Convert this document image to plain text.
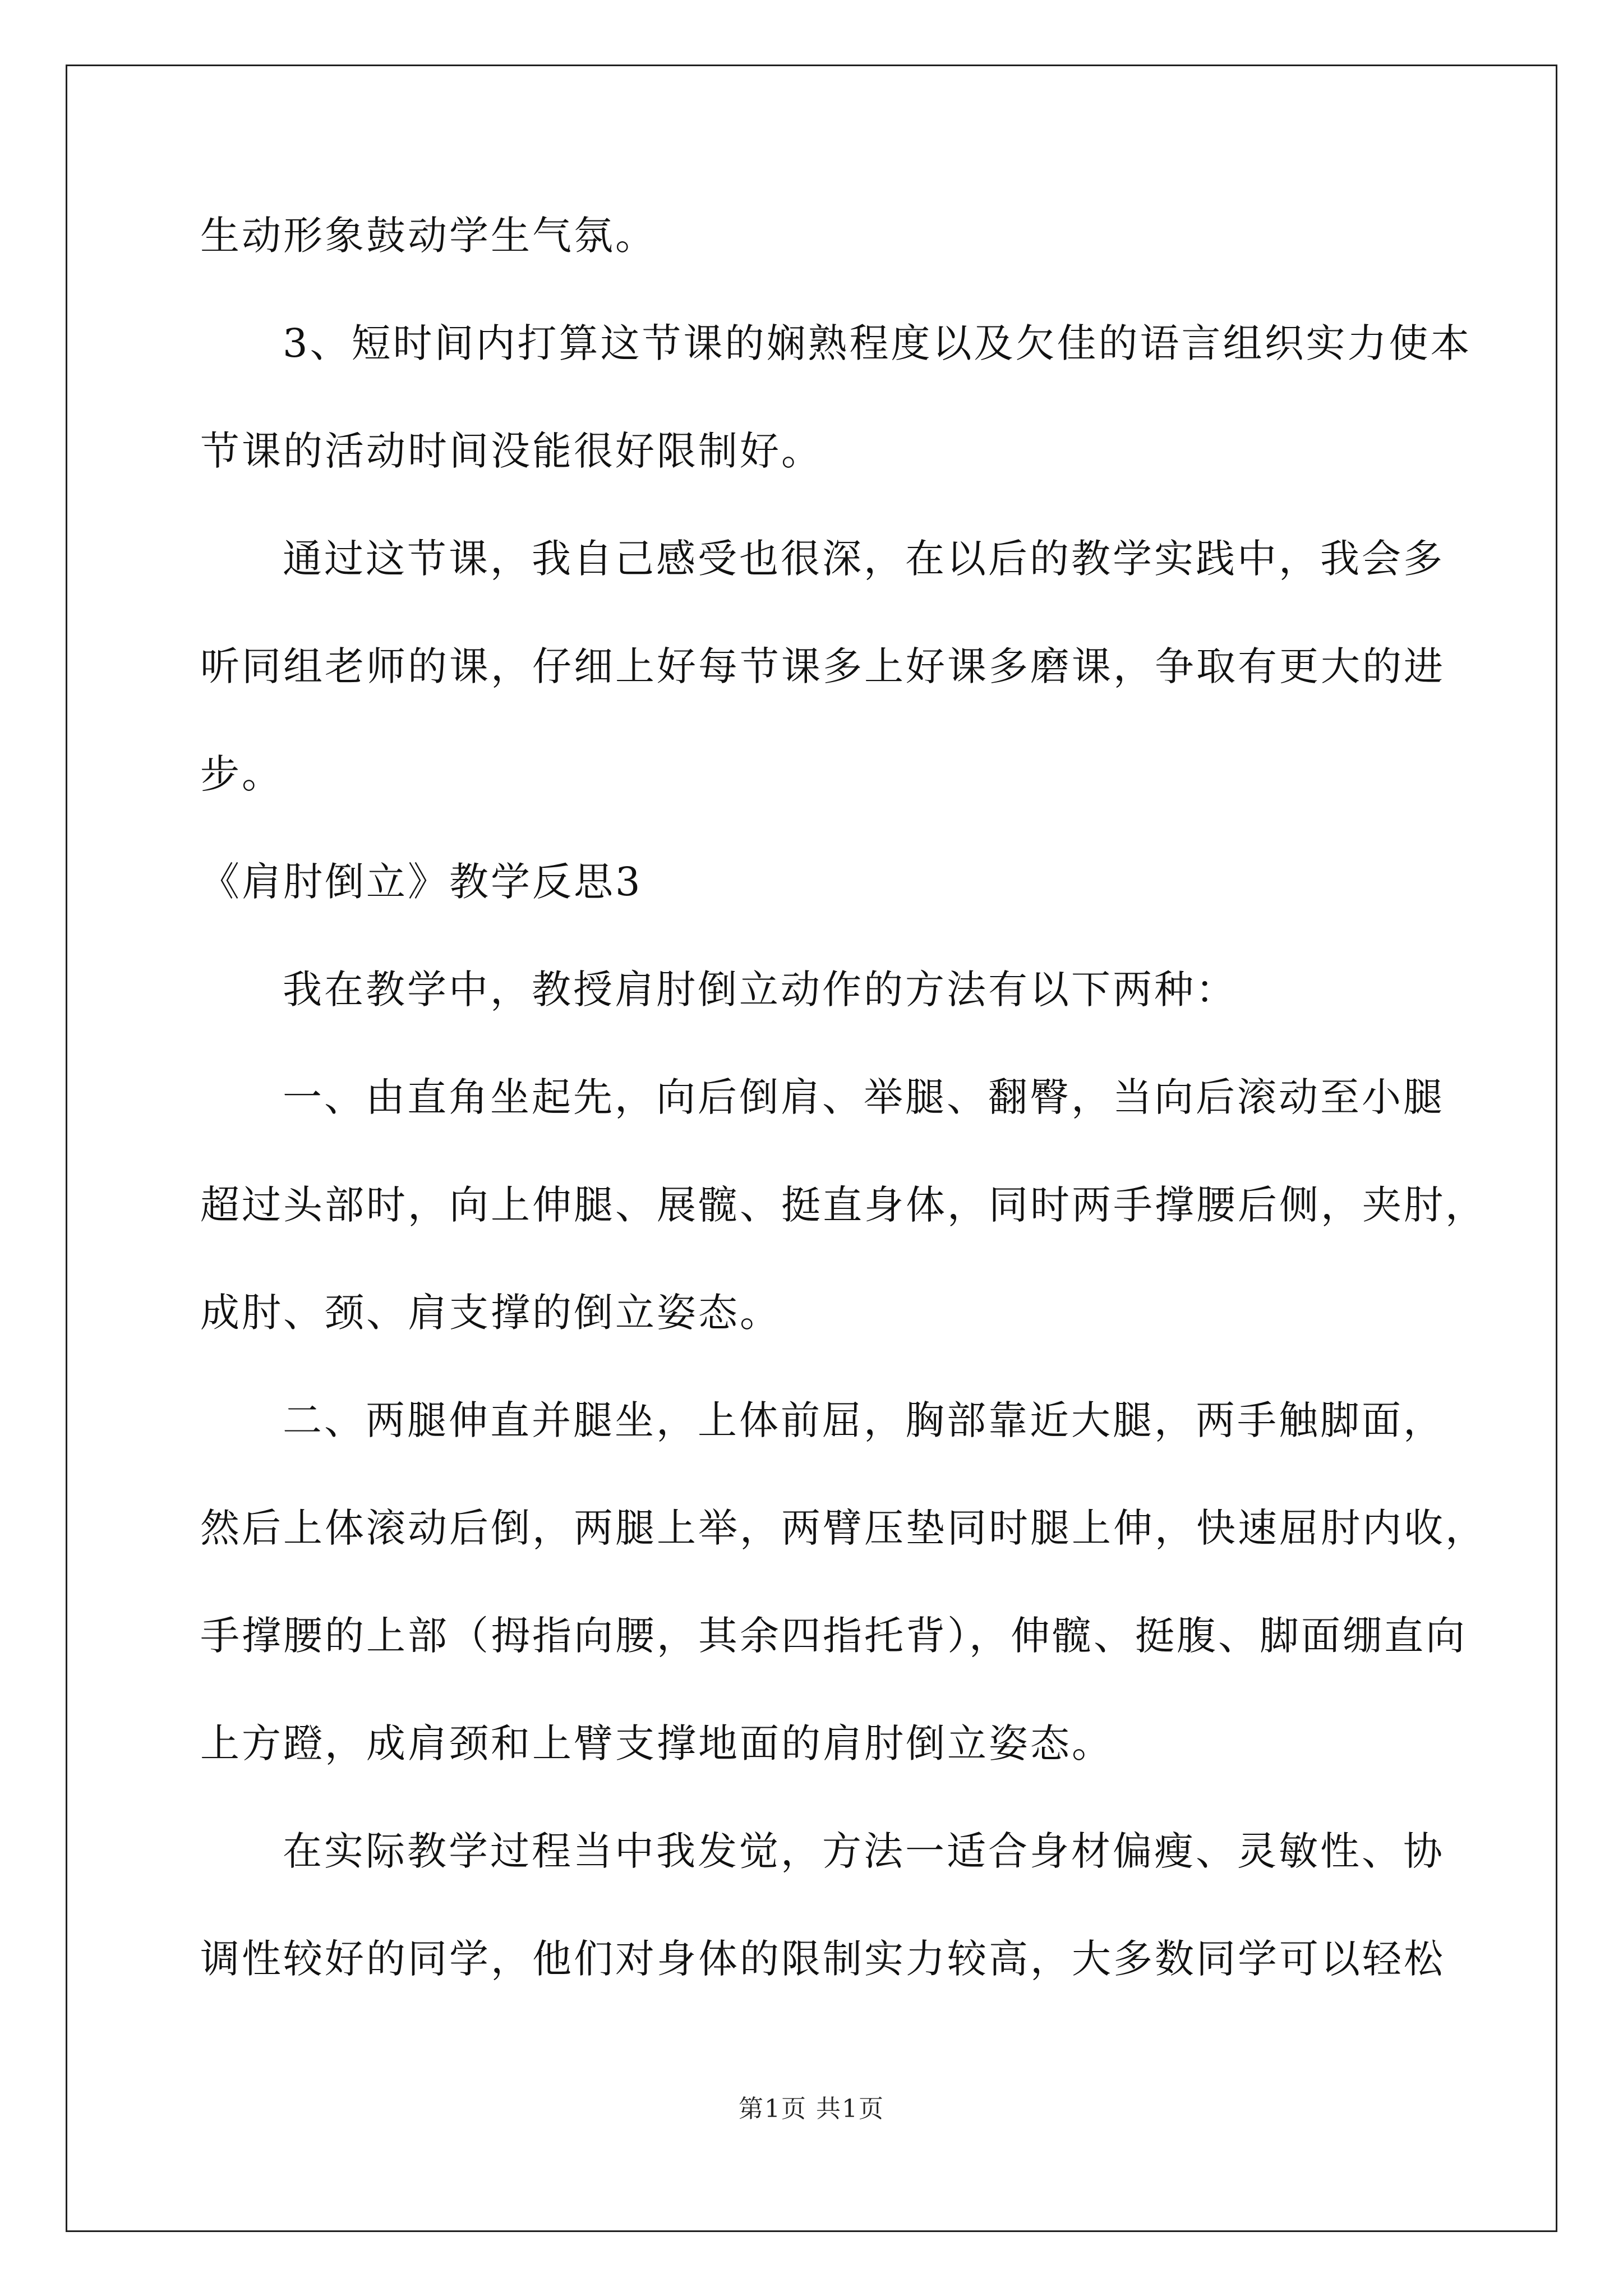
生动形象鼓动学生气氛。
3、短时间内打算这节课的娴熟程度以及欠佳的语言组织实力使本
节课的活动时间没能很好限制好。
通过这节课，我自己感受也很深，在以后的教学实践中，我会多
听同组老师的课，仔细上好每节课多上好课多磨课，争取有更大的进
步。
《肩肘倒立》教学反思3
我在教学中，教授肩肘倒立动作的方法有以下两种：
一、由直角坐起先，向后倒肩、举腿、翻臀，当向后滚动至小腿
超过头部时，向上伸腿、展髋、挺直身体，同时两手撑腰后侧，夹肘，
成肘、颈、肩支撑的倒立姿态。
二、两腿伸直并腿坐，上体前屈，胸部靠近大腿，两手触脚面，
然后上体滚动后倒，两腿上举，两臂压垫同时腿上伸，快速屈肘内收，
手撑腰的上部（拇指向腰，其余四指托背），伸髋、挺腹、脚面绷直向
上方蹬，成肩颈和上臂支撑地面的肩肘倒立姿态。
在实际教学过程当中我发觉，方法一适合身材偏瘦、灵敏性、协
调性较好的同学，他们对身体的限制实力较高，大多数同学可以轻松
第1页 共1页
